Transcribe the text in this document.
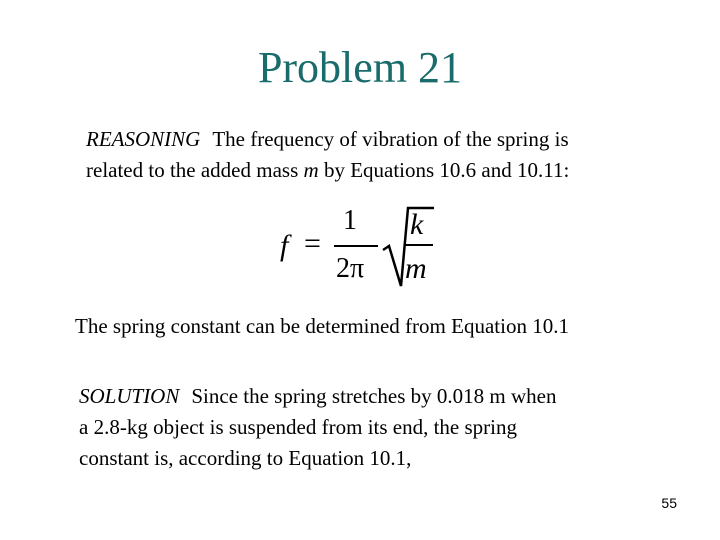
Problem 21
REASONING The frequency of vibration of the spring is
related to the added mass m by Equations 10.6 and 10.11:
f =
1
2π
k
m
The spring constant can be determined from Equation 10.1
SOLUTION Since the spring stretches by 0.018 m when
a 2.8-kg object is suspended from its end, the spring
constant is, according to Equation 10.1,
55
